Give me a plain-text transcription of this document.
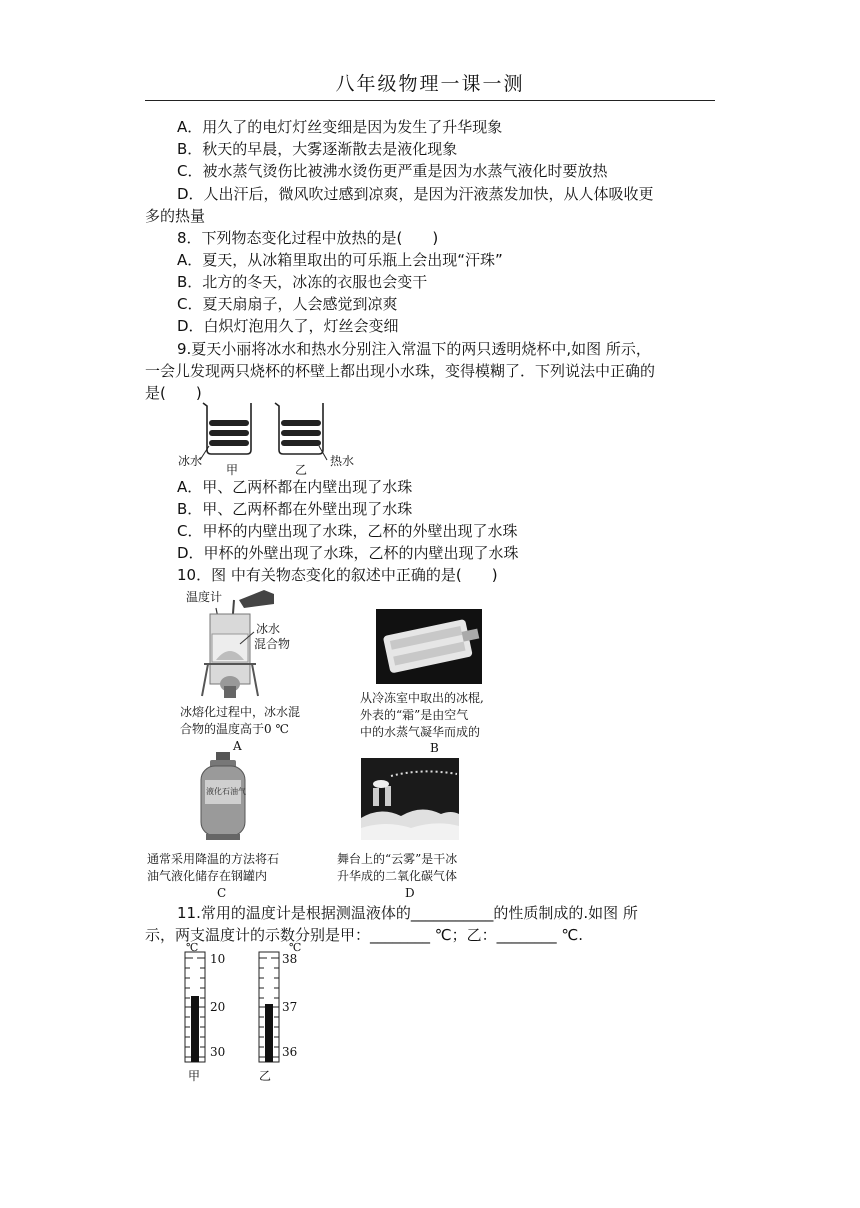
八年级物理一课一测
A．用久了的电灯灯丝变细是因为发生了升华现象
B．秋天的早晨，大雾逐渐散去是液化现象
C．被水蒸气烫伤比被沸水烫伤更严重是因为水蒸气液化时要放热
D．人出汗后，微风吹过感到凉爽，是因为汗液蒸发加快，从人体吸收更
多的热量
8．下列物态变化过程中放热的是(　　)
A．夏天，从冰箱里取出的可乐瓶上会出现“汗珠”
B．北方的冬天，冰冻的衣服也会变干
C．夏天扇扇子，人会感觉到凉爽
D．白炽灯泡用久了，灯丝会变细
9.夏天小丽将冰水和热水分别注入常温下的两只透明烧杯中,如图 所示，
一会儿发现两只烧杯的杯壁上都出现小水珠，变得模糊了．下列说法中正确的
是(　　)
冰水
甲	乙
热水
A．甲、乙两杯都在内壁出现了水珠
B．甲、乙两杯都在外壁出现了水珠
C．甲杯的内壁出现了水珠，乙杯的外壁出现了水珠
D．甲杯的外壁出现了水珠，乙杯的内壁出现了水珠
10．图 中有关物态变化的叙述中正确的是(　　)
温度计
冰水
混合物
冰熔化过程中，冰水混
合物的温度高于0 ℃
A
从冷冻室中取出的冰棍,
外表的“霜”是由空气
中的水蒸气凝华而成的
B
液化石油气
通常采用降温的方法将石
油气液化储存在钢罐内
C
舞台上的“云雾”是干冰
升华成的二氧化碳气体
D
11.常用的温度计是根据测温液体的___________的性质制成的.如图 所
示，两支温度计的示数分别是甲：________ ℃；乙：________ ℃.
℃
10
20
30
甲
℃
38
37
36
乙
